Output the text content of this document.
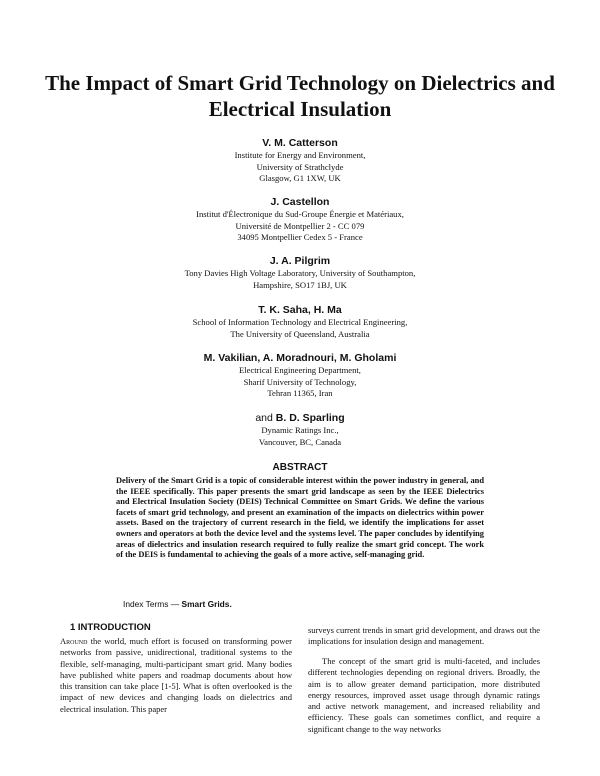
The Impact of Smart Grid Technology on Dielectrics and Electrical Insulation
V. M. Catterson
Institute for Energy and Environment,
University of Strathclyde
Glasgow, G1 1XW, UK
J. Castellon
Institut d'Électronique du Sud-Groupe Énergie et Matériaux,
Université de Montpellier 2 - CC 079
34095 Montpellier Cedex 5 - France
J. A. Pilgrim
Tony Davies High Voltage Laboratory, University of Southampton,
Hampshire, SO17 1BJ, UK
T. K. Saha, H. Ma
School of Information Technology and Electrical Engineering,
The University of Queensland, Australia
M. Vakilian, A. Moradnouri, M. Gholami
Electrical Engineering Department,
Sharif University of Technology,
Tehran 11365, Iran
and B. D. Sparling
Dynamic Ratings Inc.,
Vancouver, BC, Canada
ABSTRACT

Delivery of the Smart Grid is a topic of considerable interest within the power industry in general, and the IEEE specifically. This paper presents the smart grid landscape as seen by the IEEE Dielectrics and Electrical Insulation Society (DEIS) Technical Committee on Smart Grids. We define the various facets of smart grid technology, and present an examination of the impacts on dielectrics within power assets. Based on the trajectory of current research in the field, we identify the implications for asset owners and operators at both the device level and the systems level. The paper concludes by identifying areas of dielectrics and insulation research required to fully realize the smart grid concept. The work of the DEIS is fundamental to achieving the goals of a more active, self-managing grid.

Index Terms — Smart Grids.
1 INTRODUCTION

Around the world, much effort is focused on transforming power networks from passive, unidirectional, traditional systems to the flexible, self-managing, multi-participant smart grid. Many bodies have published white papers and roadmap documents about how this transition can take place [1-5]. What is often overlooked is the impact of new devices and changing loads on dielectrics and electrical insulation. This paper

surveys current trends in smart grid development, and draws out the implications for insulation design and management.

The concept of the smart grid is multi-faceted, and includes different technologies depending on regional drivers. Broadly, the aim is to allow greater demand participation, more distributed energy resources, improved asset usage through dynamic ratings and active network management, and increased reliability and efficiency. These goals can sometimes conflict, and require a significant change to the way networks
